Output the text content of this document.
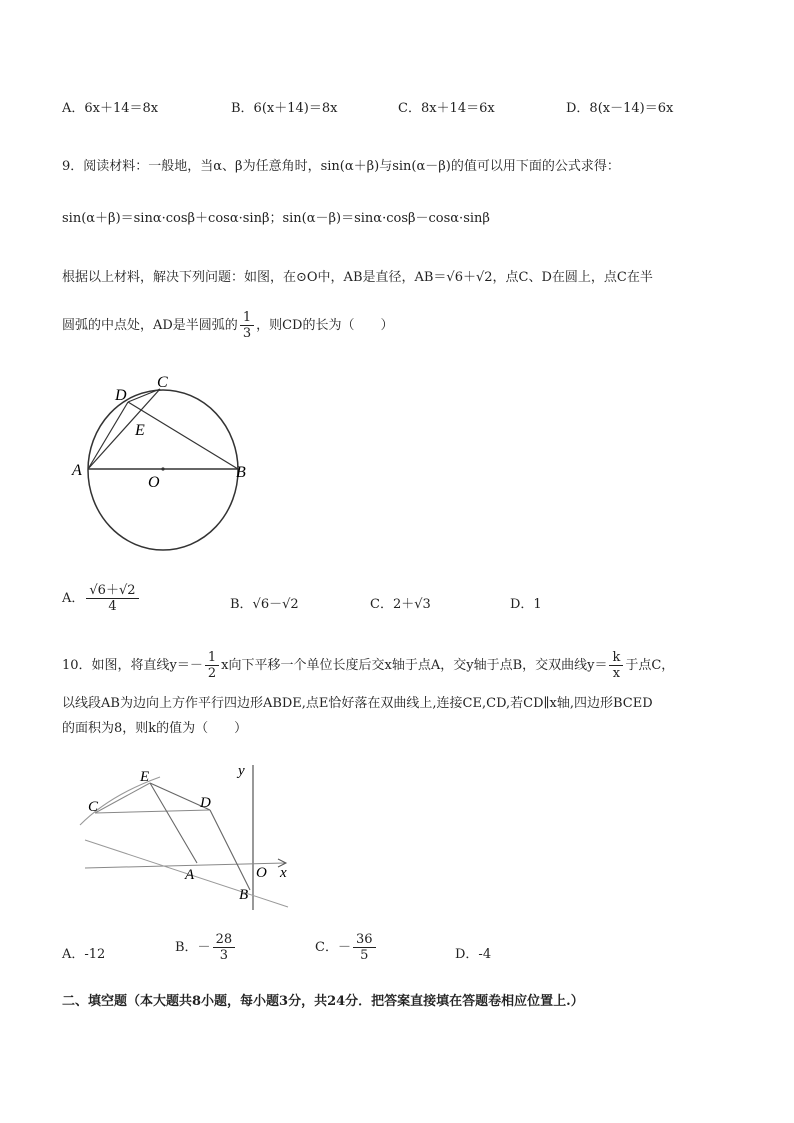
A．6x＋14＝8x	B．6(x＋14)＝8x	C．8x＋14＝6x	D．8(x－14)＝6x
9．阅读材料：一般地，当α、β为任意角时，sin(α＋β)与sin(α－β)的值可以用下面的公式求得：
sin(α＋β)＝sinα·cosβ＋cosα·sinβ；sin(α－β)＝sinα·cosβ－cosα·sinβ
根据以上材料，解决下列问题：如图，在⊙O中，AB是直径，AB＝√6＋√2，点C、D在圆上，点C在半
圆弧的中点处，AD是半圆弧的 $\frac{1}{3}$ ，则CD的长为（　　）
D
C
E
A
O
B
A． $\frac{√6+√2}{4}$	B．√6－√2	C．2＋√3	D．1
10．如图，将直线$y=- \frac{1}{2}$ x向下平移一个单位长度后交x轴于点A，交y轴于点B，交双曲线$y= \frac{k}{x}$ 于点C，
以线段AB为边向上方作平行四边形ABDE,点E恰好落在双曲线上,连接CE,CD,若CD∥x轴,四边形BCED
的面积为8，则k的值为（　　）
E
C	D
A	O
B
x
y
A．-12	B．－ $\frac{28}{3}$	C．－ $\frac{36}{5}$	D．-4
二、填空题（本大题共8小题，每小题3分，共24分．把答案直接填在答题卷相应位置上.）
